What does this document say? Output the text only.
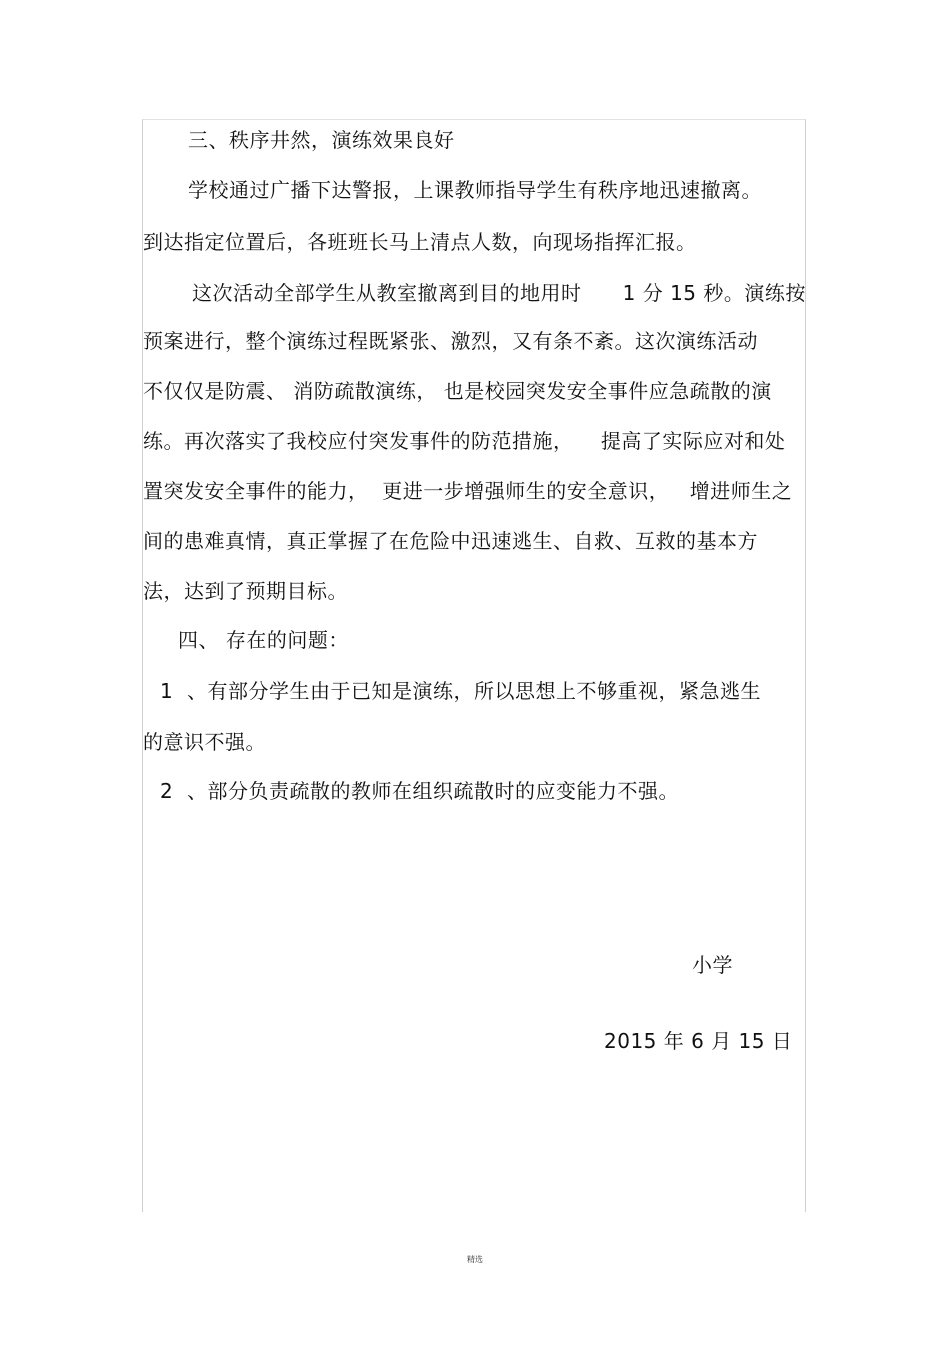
三、秩序井然，演练效果良好
学校通过广播下达警报，上课教师指导学生有秩序地迅速撤离。
到达指定位置后，各班班长马上清点人数，向现场指挥汇报。
这次活动全部学生从教室撤离到目的地用时      1 分 15 秒。演练按
预案进行，整个演练过程既紧张、激烈，又有条不紊。这次演练活动
不仅仅是防震、 消防疏散演练， 也是校园突发安全事件应急疏散的演
练。再次落实了我校应付突发事件的防范措施，    提高了实际应对和处
置突发安全事件的能力，  更进一步增强师生的安全意识，   增进师生之
间的患难真情，真正掌握了在危险中迅速逃生、自救、互救的基本方
法，达到了预期目标。
四、 存在的问题：
1  、有部分学生由于已知是演练，所以思想上不够重视，紧急逃生
的意识不强。
2  、部分负责疏散的教师在组织疏散时的应变能力不强。
小学
2015 年 6 月 15 日
精选
